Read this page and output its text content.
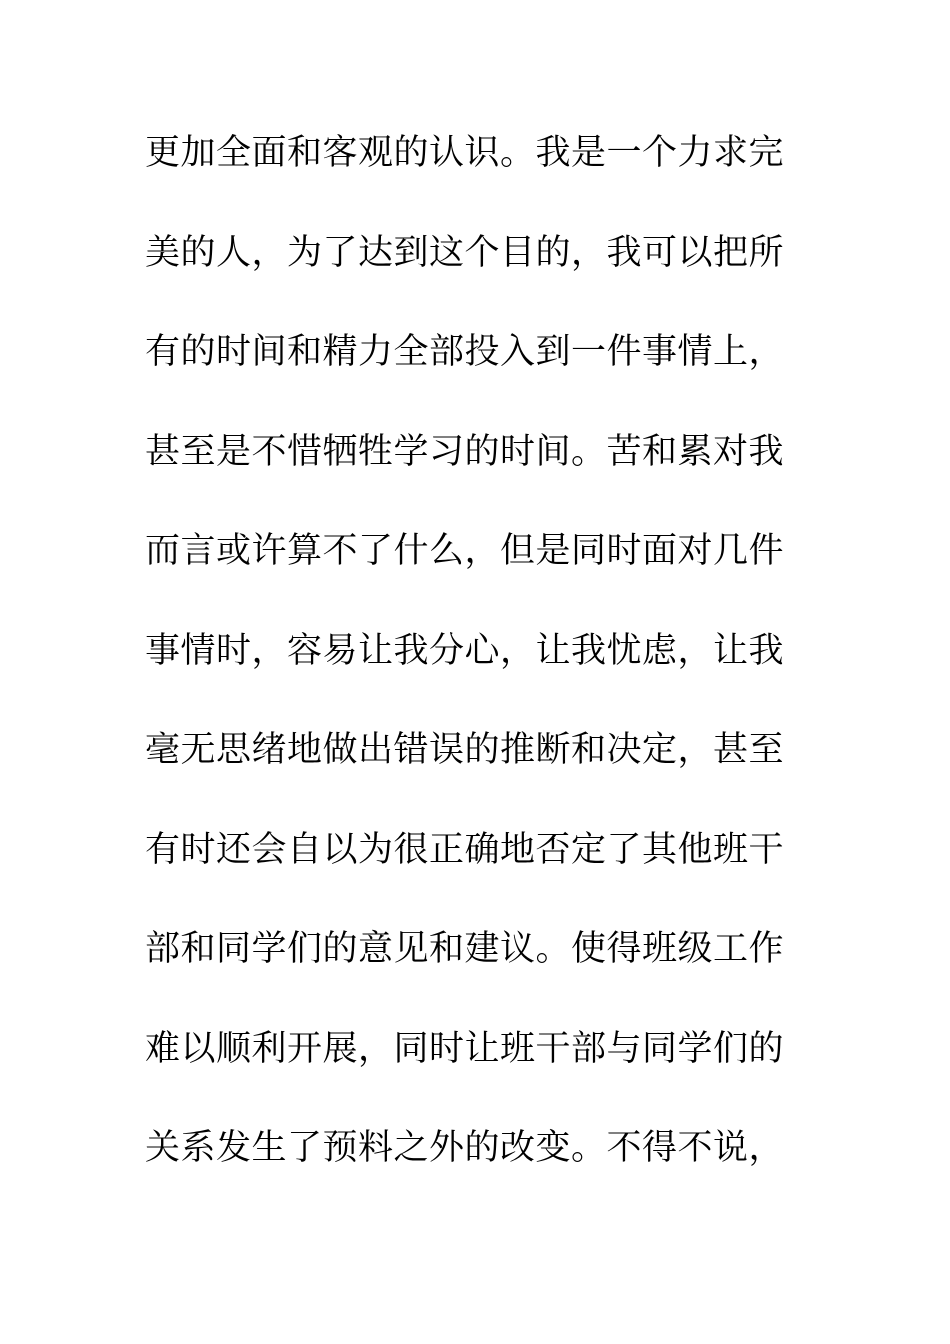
更加全面和客观的认识。我是一个力求完
美的人，为了达到这个目的，我可以把所
有的时间和精力全部投入到一件事情上，
甚至是不惜牺牲学习的时间。苦和累对我
而言或许算不了什么，但是同时面对几件
事情时，容易让我分心，让我忧虑，让我
毫无思绪地做出错误的推断和决定，甚至
有时还会自以为很正确地否定了其他班干
部和同学们的意见和建议。使得班级工作
难以顺利开展，同时让班干部与同学们的
关系发生了预料之外的改变。不得不说，
